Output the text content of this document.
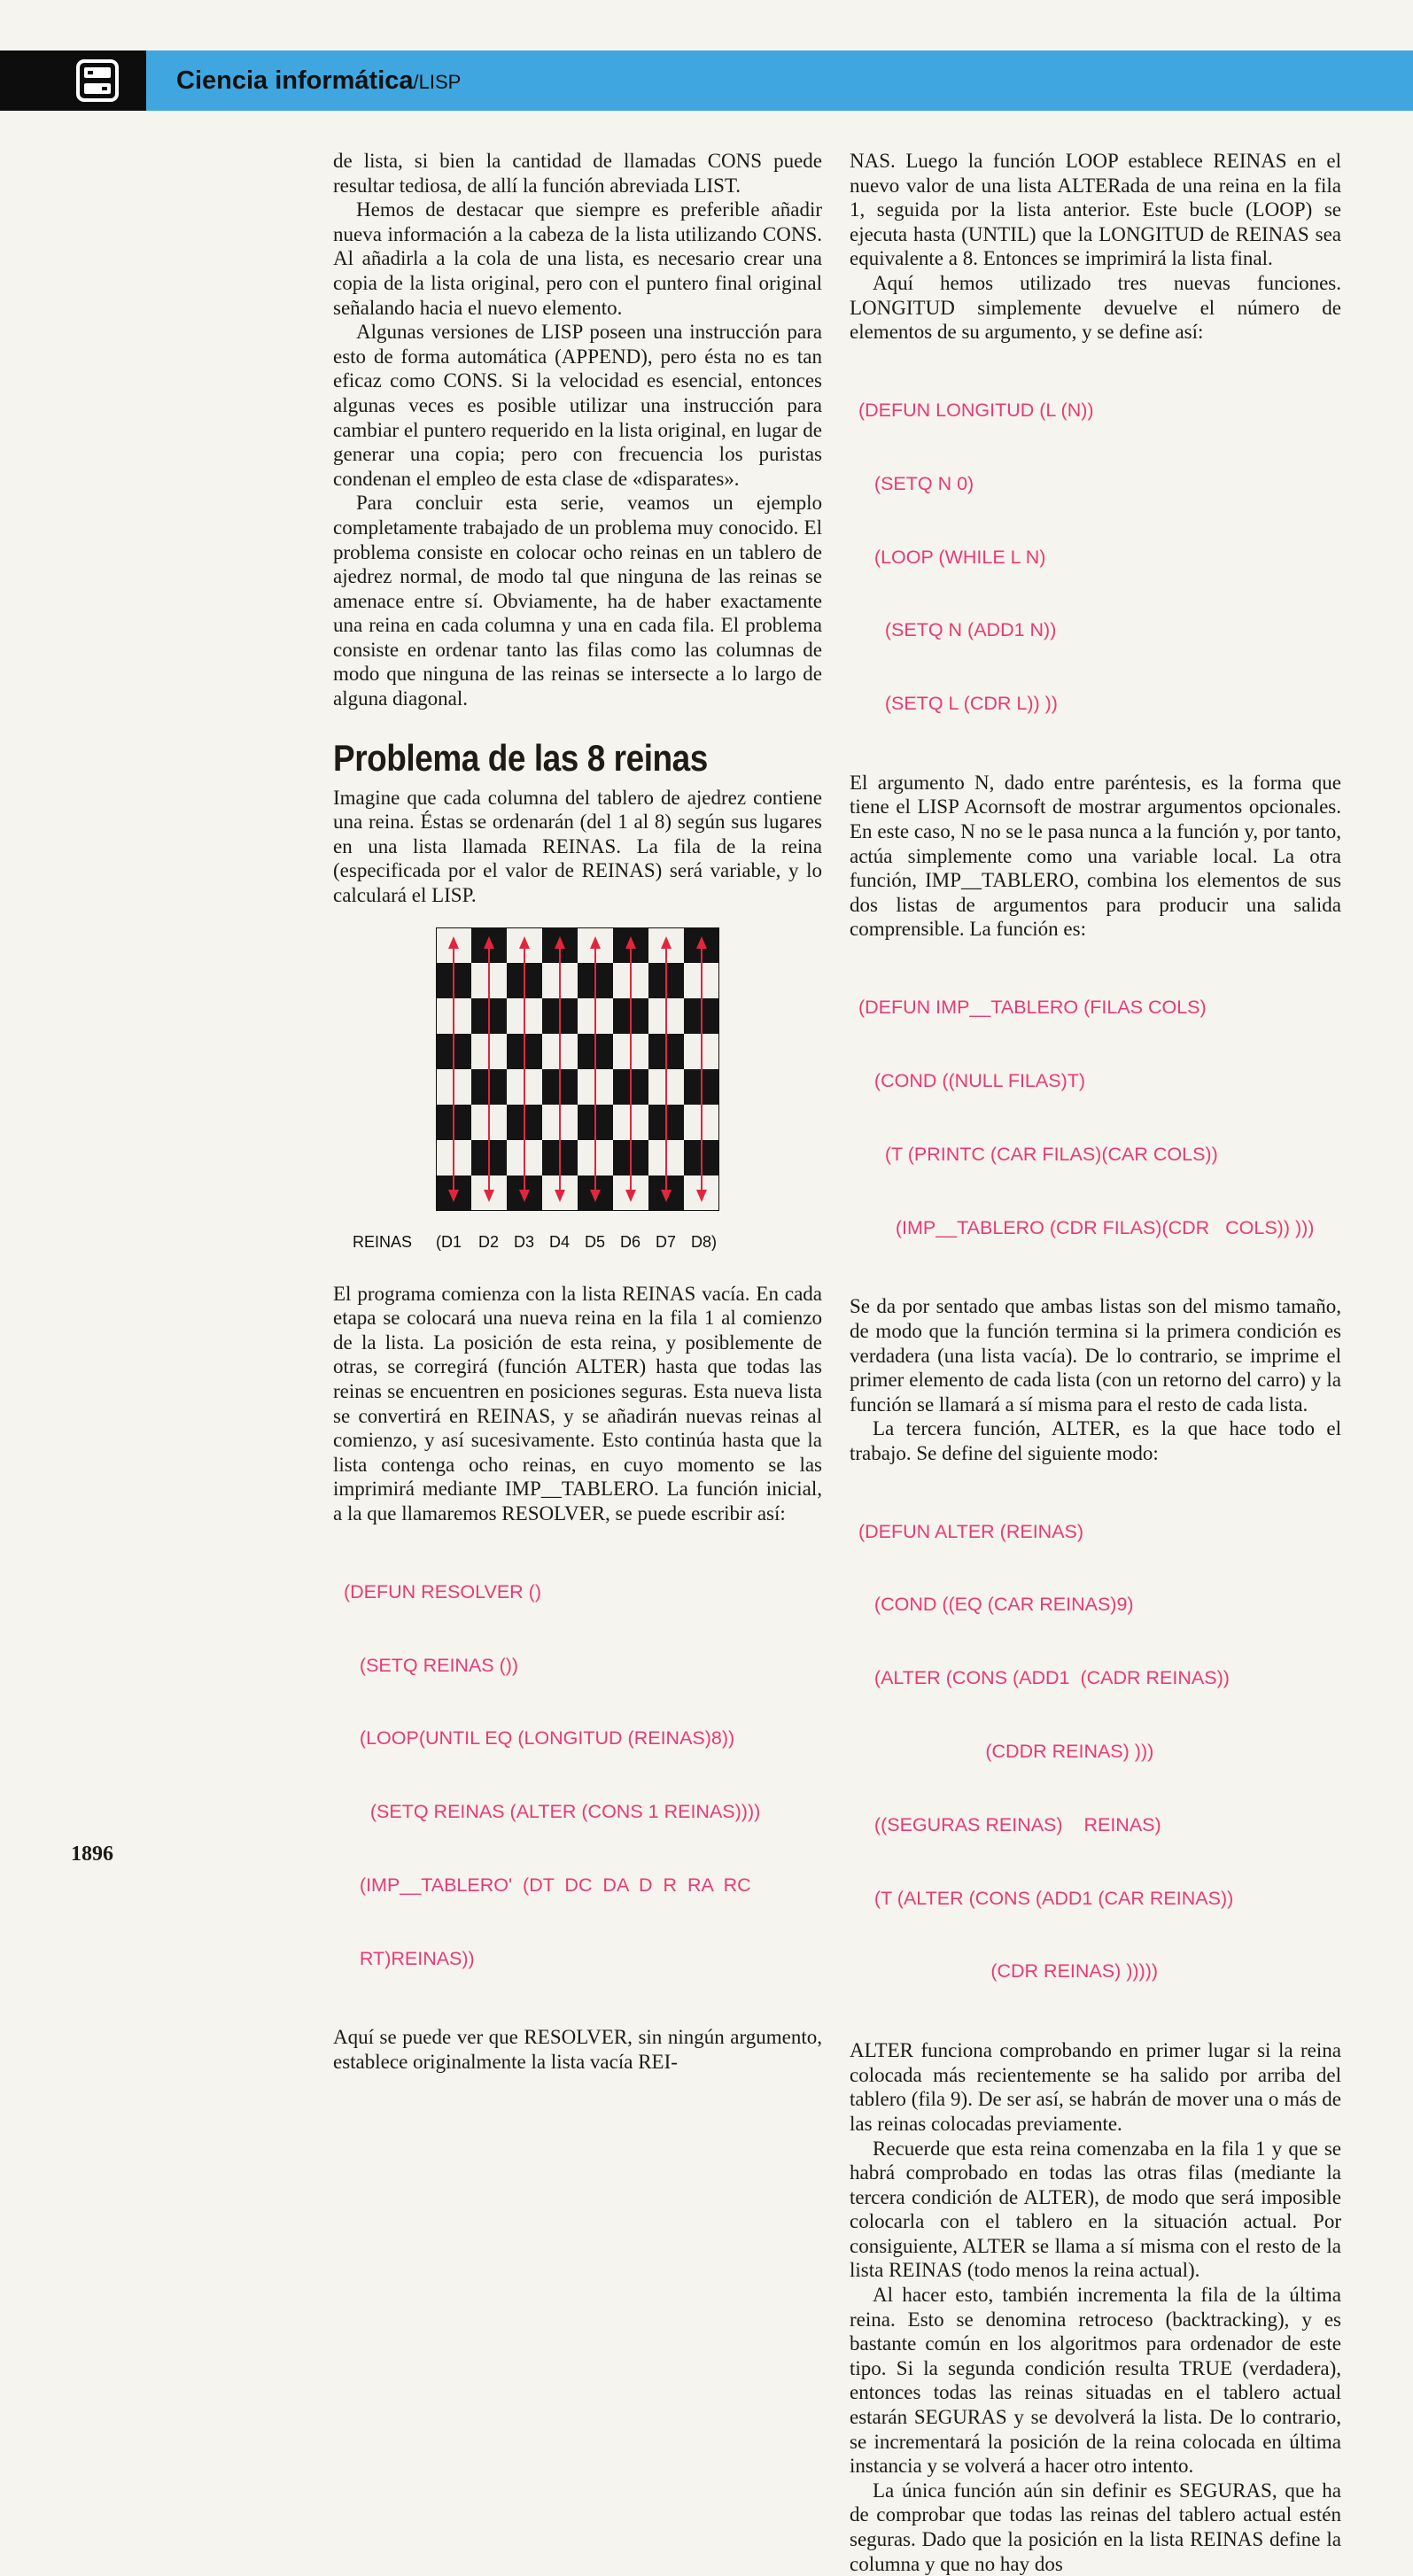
Ciencia informática/LISP

de lista, si bien la cantidad de llamadas CONS puede resultar tediosa, de allí la función abreviada LIST.

Hemos de destacar que siempre es preferible añadir nueva información a la cabeza de la lista utilizando CONS. Al añadirla a la cola de una lista, es necesario crear una copia de la lista original, pero con el puntero final original señalando hacia el nuevo elemento.

Algunas versiones de LISP poseen una instrucción para esto de forma automática (APPEND), pero ésta no es tan eficaz como CONS. Si la velocidad es esencial, entonces algunas veces es posible utilizar una instrucción para cambiar el puntero requerido en la lista original, en lugar de generar una copia; pero con frecuencia los puristas condenan el empleo de esta clase de «disparates».

Para concluir esta serie, veamos un ejemplo completamente trabajado de un problema muy conocido. El problema consiste en colocar ocho reinas en un tablero de ajedrez normal, de modo tal que ninguna de las reinas se amenace entre sí. Obviamente, ha de haber exactamente una reina en cada columna y una en cada fila. El problema consiste en ordenar tanto las filas como las columnas de modo que ninguna de las reinas se intersecte a lo largo de alguna diagonal.

Problema de las 8 reinas

Imagine que cada columna del tablero de ajedrez contiene una reina. Éstas se ordenarán (del 1 al 8) según sus lugares en una lista llamada REINAS. La fila de la reina (especificada por el valor de REINAS) será variable, y lo calculará el LISP.

REINAS (D1 D2 D3 D4 D5 D6 D7 D8)

El programa comienza con la lista REINAS vacía. En cada etapa se colocará una nueva reina en la fila 1 al comienzo de la lista. La posición de esta reina, y posiblemente de otras, se corregirá (función ALTER) hasta que todas las reinas se encuentren en posiciones seguras. Esta nueva lista se convertirá en REINAS, y se añadirán nuevas reinas al comienzo, y así sucesivamente. Esto continúa hasta que la lista contenga ocho reinas, en cuyo momento se las imprimirá mediante IMP__TABLERO. La función inicial, a la que llamaremos RESOLVER, se puede escribir así:

(DEFUN RESOLVER ()

(SETQ REINAS ())

(LOOP(UNTIL EQ (LONGITUD (REINAS)8))

(SETQ REINAS (ALTER (CONS 1 REINAS))))

(IMP__TABLERO'  (DT  DC  DA  D  R  RA  RC

RT)REINAS))

Aquí se puede ver que RESOLVER, sin ningún argumento, establece originalmente la lista vacía REI-

NAS. Luego la función LOOP establece REINAS en el nuevo valor de una lista ALTERada de una reina en la fila 1, seguida por la lista anterior. Este bucle (LOOP) se ejecuta hasta (UNTIL) que la LONGITUD de REINAS sea equivalente a 8. Entonces se imprimirá la lista final.

Aquí hemos utilizado tres nuevas funciones. LONGITUD simplemente devuelve el número de elementos de su argumento, y se define así:

(DEFUN LONGITUD (L (N))

(SETQ N 0)

(LOOP (WHILE L N)

(SETQ N (ADD1 N))

(SETQ L (CDR L)) ))

El argumento N, dado entre paréntesis, es la forma que tiene el LISP Acornsoft de mostrar argumentos opcionales. En este caso, N no se le pasa nunca a la función y, por tanto, actúa simplemente como una variable local. La otra función, IMP__TABLERO, combina los elementos de sus dos listas de argumentos para producir una salida comprensible. La función es:

(DEFUN IMP__TABLERO (FILAS COLS)

(COND ((NULL FILAS)T)

(T (PRINTC (CAR FILAS)(CAR COLS))

(IMP__TABLERO (CDR FILAS)(CDR   COLS)) )))

Se da por sentado que ambas listas son del mismo tamaño, de modo que la función termina si la primera condición es verdadera (una lista vacía). De lo contrario, se imprime el primer elemento de cada lista (con un retorno del carro) y la función se llamará a sí misma para el resto de cada lista.

La tercera función, ALTER, es la que hace todo el trabajo. Se define del siguiente modo:

(DEFUN ALTER (REINAS)

(COND ((EQ (CAR REINAS)9)

(ALTER (CONS (ADD1  (CADR REINAS))

(CDDR REINAS) )))

((SEGURAS REINAS)    REINAS)

(T (ALTER (CONS (ADD1 (CAR REINAS))

(CDR REINAS) )))))

ALTER funciona comprobando en primer lugar si la reina colocada más recientemente se ha salido por arriba del tablero (fila 9). De ser así, se habrán de mover una o más de las reinas colocadas previamente.

Recuerde que esta reina comenzaba en la fila 1 y que se habrá comprobado en todas las otras filas (mediante la tercera condición de ALTER), de modo que será imposible colocarla con el tablero en la situación actual. Por consiguiente, ALTER se llama a sí misma con el resto de la lista REINAS (todo menos la reina actual).

Al hacer esto, también incrementa la fila de la última reina. Esto se denomina retroceso (backtracking), y es bastante común en los algoritmos para ordenador de este tipo. Si la segunda condición resulta TRUE (verdadera), entonces todas las reinas situadas en el tablero actual estarán SEGURAS y se devolverá la lista. De lo contrario, se incrementará la posición de la reina colocada en última instancia y se volverá a hacer otro intento.

La única función aún sin definir es SEGURAS, que ha de comprobar que todas las reinas del tablero actual estén seguras. Dado que la posición en la lista REINAS define la columna y que no hay dos

1896
